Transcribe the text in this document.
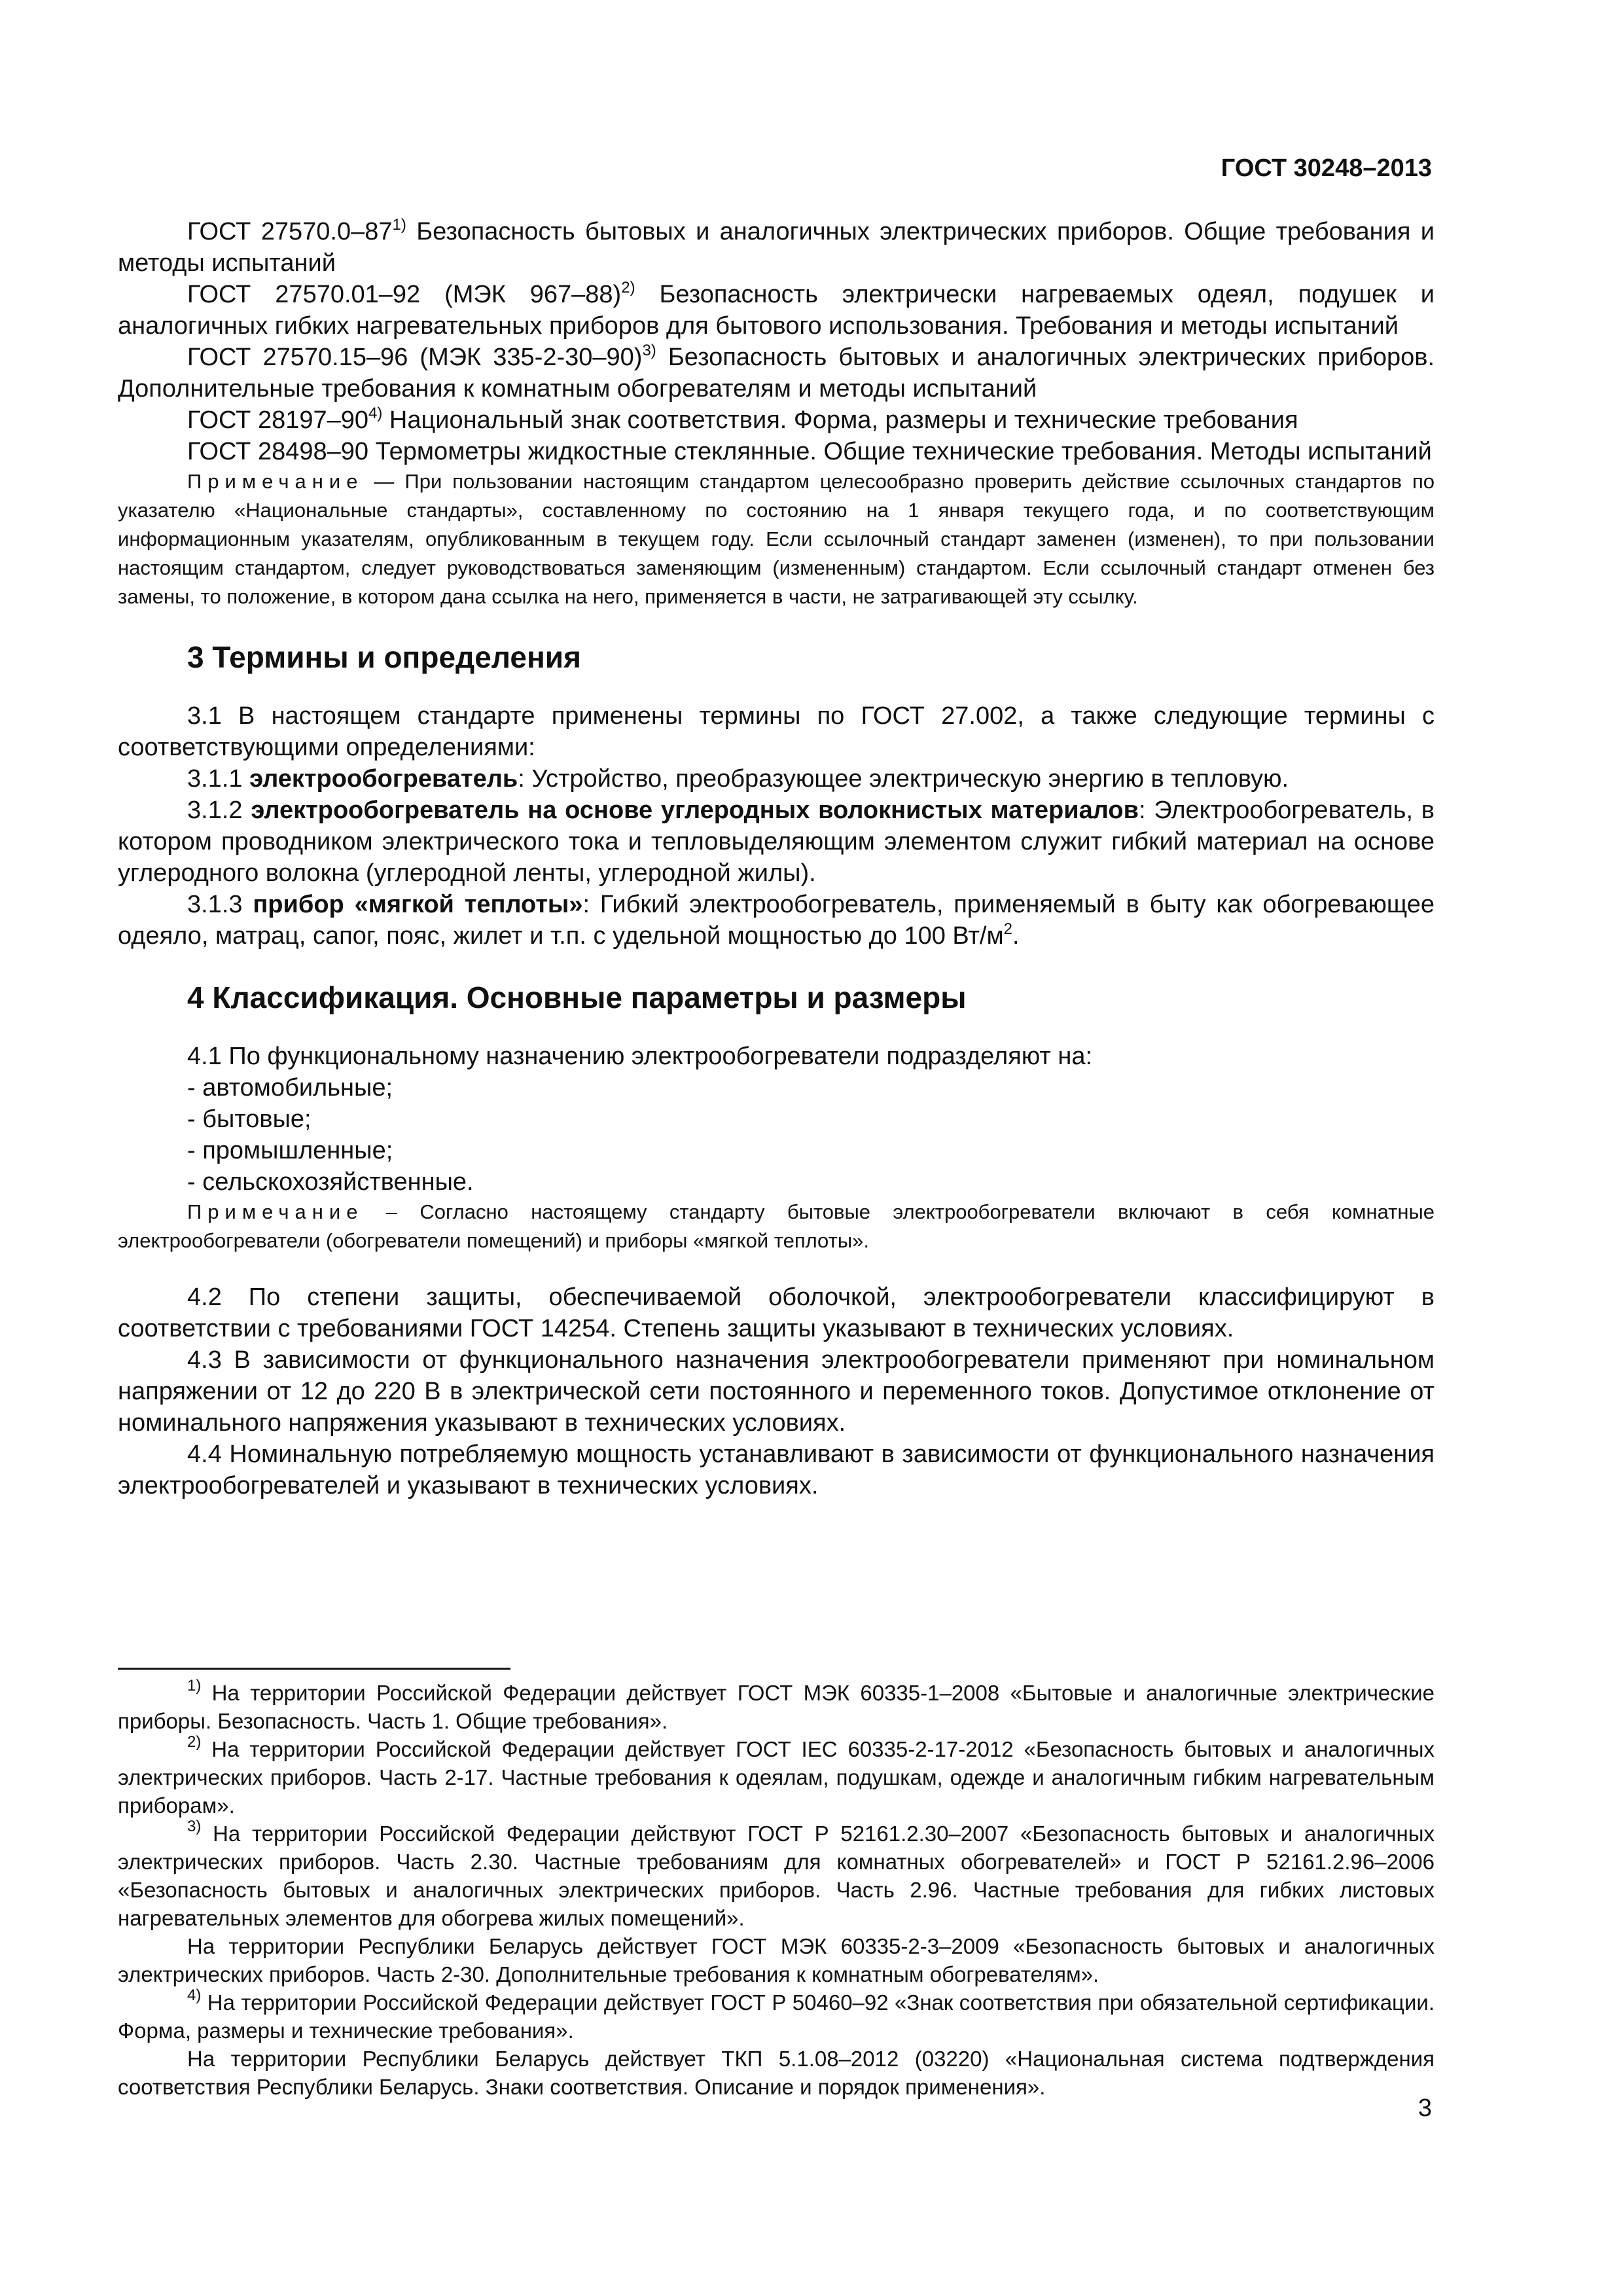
ГОСТ 30248–2013

ГОСТ 27570.0–87$^{1)}$ Безопасность бытовых и аналогичных электрических приборов. Общие требования и методы испытаний

ГОСТ 27570.01–92 (МЭК 967–88)$^{2)}$ Безопасность электрически нагреваемых одеял, подушек и аналогичных гибких нагревательных приборов для бытового использования. Требования и методы испытаний

ГОСТ 27570.15–96 (МЭК 335-2-30–90)$^{3)}$ Безопасность бытовых и аналогичных электрических приборов. Дополнительные требования к комнатным обогревателям и методы испытаний

ГОСТ 28197–90$^{4)}$ Национальный знак соответствия. Форма, размеры и технические требования

ГОСТ 28498–90 Термометры жидкостные стеклянные. Общие технические требования. Методы испытаний

Примечание — При пользовании настоящим стандартом целесообразно проверить действие ссылочных стандартов по указателю «Национальные стандарты», составленному по состоянию на 1 января текущего года, и по соответствующим информационным указателям, опубликованным в текущем году. Если ссылочный стандарт заменен (изменен), то при пользовании настоящим стандартом, следует руководствоваться заменяющим (измененным) стандартом. Если ссылочный стандарт отменен без замены, то положение, в котором дана ссылка на него, применяется в части, не затрагивающей эту ссылку.

3 Термины и определения

3.1 В настоящем стандарте применены термины по ГОСТ 27.002, а также следующие термины с соответствующими определениями:

3.1.1 электрообогреватель: Устройство, преобразующее электрическую энергию в тепловую.

3.1.2 электрообогреватель на основе углеродных волокнистых материалов: Электрообогреватель, в котором проводником электрического тока и тепловыделяющим элементом служит гибкий материал на основе углеродного волокна (углеродной ленты, углеродной жилы).

3.1.3 прибор «мягкой теплоты»: Гибкий электрообогреватель, применяемый в быту как обогревающее одеяло, матрац, сапог, пояс, жилет и т.п. с удельной мощностью до 100 $Вт/м^2$.

4 Классификация. Основные параметры и размеры

4.1 По функциональному назначению электрообогреватели подразделяют на:

- автомобильные;

- бытовые;

- промышленные;

- сельскохозяйственные.

Примечание – Согласно настоящему стандарту бытовые электрообогреватели включают в себя комнатные электрообогреватели (обогреватели помещений) и приборы «мягкой теплоты».

4.2 По степени защиты, обеспечиваемой оболочкой, электрообогреватели классифицируют в соответствии с требованиями ГОСТ 14254. Степень защиты указывают в технических условиях.

4.3 В зависимости от функционального назначения электрообогреватели применяют при номинальном напряжении от 12 до 220 В в электрической сети постоянного и переменного токов. Допустимое отклонение от номинального напряжения указывают в технических условиях.

4.4 Номинальную потребляемую мощность устанавливают в зависимости от функционального назначения электрообогревателей и указывают в технических условиях.

$^{1)}$ На территории Российской Федерации действует ГОСТ МЭК 60335-1–2008 «Бытовые и аналогичные электрические приборы. Безопасность. Часть 1. Общие требования».

$^{2)}$ На территории Российской Федерации действует ГОСТ IEC 60335-2-17-2012 «Безопасность бытовых и аналогичных электрических приборов. Часть 2-17. Частные требования к одеялам, подушкам, одежде и аналогичным гибким нагревательным приборам».

$^{3)}$ На территории Российской Федерации действуют ГОСТ Р 52161.2.30–2007 «Безопасность бытовых и аналогичных электрических приборов. Часть 2.30. Частные требованиям для комнатных обогревателей» и ГОСТ Р 52161.2.96–2006 «Безопасность бытовых и аналогичных электрических приборов. Часть 2.96. Частные требования для гибких листовых нагревательных элементов для обогрева жилых помещений».

На территории Республики Беларусь действует ГОСТ МЭК 60335-2-3–2009 «Безопасность бытовых и аналогичных электрических приборов. Часть 2-30. Дополнительные требования к комнатным обогревателям».

$^{4)}$ На территории Российской Федерации действует ГОСТ Р 50460–92 «Знак соответствия при обязательной сертификации. Форма, размеры и технические требования».

На территории Республики Беларусь действует ТКП 5.1.08–2012 (03220) «Национальная система подтверждения соответствия Республики Беларусь. Знаки соответствия. Описание и порядок применения».

3
